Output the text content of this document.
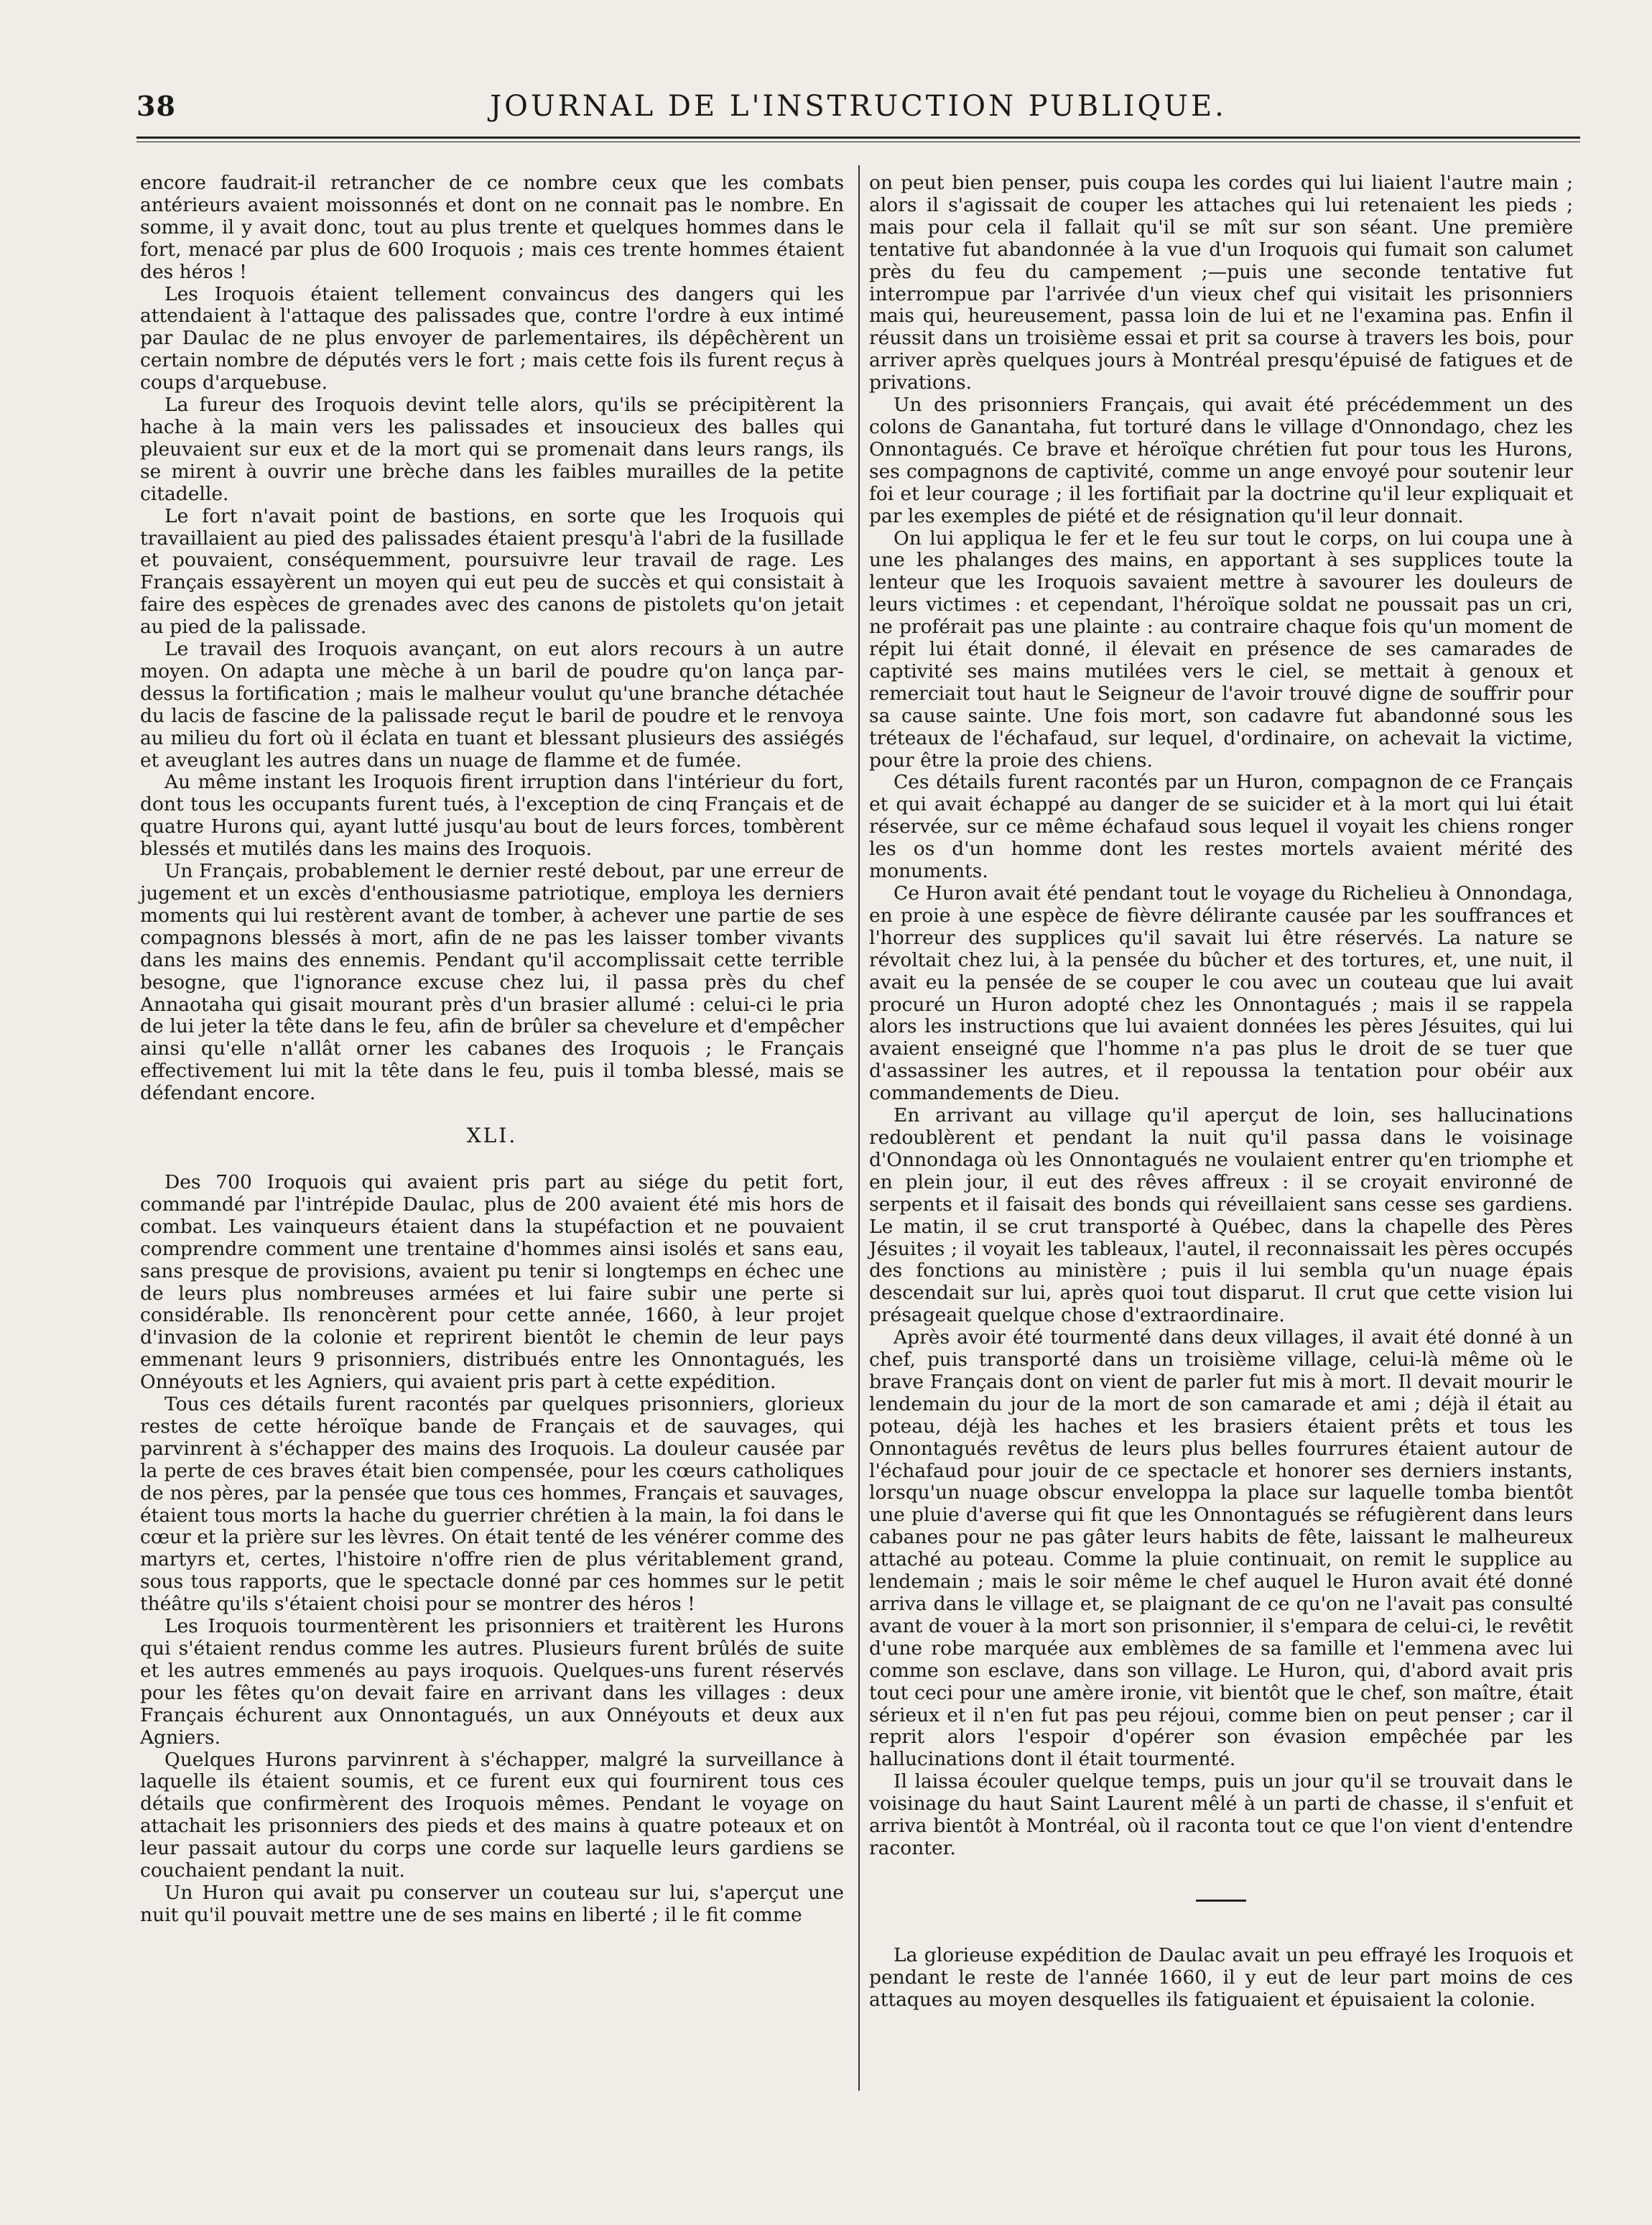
38	JOURNAL DE L'INSTRUCTION PUBLIQUE.

encore faudrait-il retrancher de ce nombre ceux que les combats antérieurs avaient moissonnés et dont on ne connait pas le nombre. En somme, il y avait donc, tout au plus trente et quelques hommes dans le fort, menacé par plus de 600 Iroquois ; mais ces trente hommes étaient des héros !

Les Iroquois étaient tellement convaincus des dangers qui les attendaient à l'attaque des palissades que, contre l'ordre à eux intimé par Daulac de ne plus envoyer de parlementaires, ils dépêchèrent un certain nombre de députés vers le fort ; mais cette fois ils furent reçus à coups d'arquebuse.

La fureur des Iroquois devint telle alors, qu'ils se précipitèrent la hache à la main vers les palissades et insoucieux des balles qui pleuvaient sur eux et de la mort qui se promenait dans leurs rangs, ils se mirent à ouvrir une brèche dans les faibles murailles de la petite citadelle.

Le fort n'avait point de bastions, en sorte que les Iroquois qui travaillaient au pied des palissades étaient presqu'à l'abri de la fusillade et pouvaient, conséquemment, poursuivre leur travail de rage. Les Français essayèrent un moyen qui eut peu de succès et qui consistait à faire des espèces de grenades avec des canons de pistolets qu'on jetait au pied de la palissade.

Le travail des Iroquois avançant, on eut alors recours à un autre moyen. On adapta une mèche à un baril de poudre qu'on lança par-dessus la fortification ; mais le malheur voulut qu'une branche détachée du lacis de fascine de la palissade reçut le baril de poudre et le renvoya au milieu du fort où il éclata en tuant et blessant plusieurs des assiégés et aveuglant les autres dans un nuage de flamme et de fumée.

Au même instant les Iroquois firent irruption dans l'intérieur du fort, dont tous les occupants furent tués, à l'exception de cinq Français et de quatre Hurons qui, ayant lutté jusqu'au bout de leurs forces, tombèrent blessés et mutilés dans les mains des Iroquois.

Un Français, probablement le dernier resté debout, par une erreur de jugement et un excès d'enthousiasme patriotique, employa les derniers moments qui lui restèrent avant de tomber, à achever une partie de ses compagnons blessés à mort, afin de ne pas les laisser tomber vivants dans les mains des ennemis. Pendant qu'il accomplissait cette terrible besogne, que l'ignorance excuse chez lui, il passa près du chef Annaotaha qui gisait mourant près d'un brasier allumé : celui-ci le pria de lui jeter la tête dans le feu, afin de brûler sa chevelure et d'empêcher ainsi qu'elle n'allât orner les cabanes des Iroquois ; le Français effectivement lui mit la tête dans le feu, puis il tomba blessé, mais se défendant encore.

XLI.

Des 700 Iroquois qui avaient pris part au siége du petit fort, commandé par l'intrépide Daulac, plus de 200 avaient été mis hors de combat. Les vainqueurs étaient dans la stupéfaction et ne pouvaient comprendre comment une trentaine d'hommes ainsi isolés et sans eau, sans presque de provisions, avaient pu tenir si longtemps en échec une de leurs plus nombreuses armées et lui faire subir une perte si considérable. Ils renoncèrent pour cette année, 1660, à leur projet d'invasion de la colonie et reprirent bientôt le chemin de leur pays emmenant leurs 9 prisonniers, distribués entre les Onnontagués, les Onnéyouts et les Agniers, qui avaient pris part à cette expédition.

Tous ces détails furent racontés par quelques prisonniers, glorieux restes de cette héroïque bande de Français et de sauvages, qui parvinrent à s'échapper des mains des Iroquois. La douleur causée par la perte de ces braves était bien compensée, pour les cœurs catholiques de nos pères, par la pensée que tous ces hommes, Français et sauvages, étaient tous morts la hache du guerrier chrétien à la main, la foi dans le cœur et la prière sur les lèvres. On était tenté de les vénérer comme des martyrs et, certes, l'histoire n'offre rien de plus véritablement grand, sous tous rapports, que le spectacle donné par ces hommes sur le petit théâtre qu'ils s'étaient choisi pour se montrer des héros !

Les Iroquois tourmentèrent les prisonniers et traitèrent les Hurons qui s'étaient rendus comme les autres. Plusieurs furent brûlés de suite et les autres emmenés au pays iroquois. Quelques-uns furent réservés pour les fêtes qu'on devait faire en arrivant dans les villages : deux Français échurent aux Onnontagués, un aux Onnéyouts et deux aux Agniers.

Quelques Hurons parvinrent à s'échapper, malgré la surveillance à laquelle ils étaient soumis, et ce furent eux qui fournirent tous ces détails que confirmèrent des Iroquois mêmes. Pendant le voyage on attachait les prisonniers des pieds et des mains à quatre poteaux et on leur passait autour du corps une corde sur laquelle leurs gardiens se couchaient pendant la nuit.

Un Huron qui avait pu conserver un couteau sur lui, s'aperçut une nuit qu'il pouvait mettre une de ses mains en liberté ; il le fit comme

on peut bien penser, puis coupa les cordes qui lui liaient l'autre main ; alors il s'agissait de couper les attaches qui lui retenaient les pieds ; mais pour cela il fallait qu'il se mît sur son séant. Une première tentative fut abandonnée à la vue d'un Iroquois qui fumait son calumet près du feu du campement ;—puis une seconde tentative fut interrompue par l'arrivée d'un vieux chef qui visitait les prisonniers mais qui, heureusement, passa loin de lui et ne l'examina pas. Enfin il réussit dans un troisième essai et prit sa course à travers les bois, pour arriver après quelques jours à Montréal presqu'épuisé de fatigues et de privations.

Un des prisonniers Français, qui avait été précédemment un des colons de Ganantaha, fut torturé dans le village d'Onnondago, chez les Onnontagués. Ce brave et héroïque chrétien fut pour tous les Hurons, ses compagnons de captivité, comme un ange envoyé pour soutenir leur foi et leur courage ; il les fortifiait par la doctrine qu'il leur expliquait et par les exemples de piété et de résignation qu'il leur donnait.

On lui appliqua le fer et le feu sur tout le corps, on lui coupa une à une les phalanges des mains, en apportant à ses supplices toute la lenteur que les Iroquois savaient mettre à savourer les douleurs de leurs victimes : et cependant, l'héroïque soldat ne poussait pas un cri, ne proférait pas une plainte : au contraire chaque fois qu'un moment de répit lui était donné, il élevait en présence de ses camarades de captivité ses mains mutilées vers le ciel, se mettait à genoux et remerciait tout haut le Seigneur de l'avoir trouvé digne de souffrir pour sa cause sainte. Une fois mort, son cadavre fut abandonné sous les tréteaux de l'échafaud, sur lequel, d'ordinaire, on achevait la victime, pour être la proie des chiens.

Ces détails furent racontés par un Huron, compagnon de ce Français et qui avait échappé au danger de se suicider et à la mort qui lui était réservée, sur ce même échafaud sous lequel il voyait les chiens ronger les os d'un homme dont les restes mortels avaient mérité des monuments.

Ce Huron avait été pendant tout le voyage du Richelieu à Onnondaga, en proie à une espèce de fièvre délirante causée par les souffrances et l'horreur des supplices qu'il savait lui être réservés. La nature se révoltait chez lui, à la pensée du bûcher et des tortures, et, une nuit, il avait eu la pensée de se couper le cou avec un couteau que lui avait procuré un Huron adopté chez les Onnontagués ; mais il se rappela alors les instructions que lui avaient données les pères Jésuites, qui lui avaient enseigné que l'homme n'a pas plus le droit de se tuer que d'assassiner les autres, et il repoussa la tentation pour obéir aux commandements de Dieu.

En arrivant au village qu'il aperçut de loin, ses hallucinations redoublèrent et pendant la nuit qu'il passa dans le voisinage d'Onnondaga où les Onnontagués ne voulaient entrer qu'en triomphe et en plein jour, il eut des rêves affreux : il se croyait environné de serpents et il faisait des bonds qui réveillaient sans cesse ses gardiens. Le matin, il se crut transporté à Québec, dans la chapelle des Pères Jésuites ; il voyait les tableaux, l'autel, il reconnaissait les pères occupés des fonctions au ministère ; puis il lui sembla qu'un nuage épais descendait sur lui, après quoi tout disparut. Il crut que cette vision lui présageait quelque chose d'extraordinaire.

Après avoir été tourmenté dans deux villages, il avait été donné à un chef, puis transporté dans un troisième village, celui-là même où le brave Français dont on vient de parler fut mis à mort. Il devait mourir le lendemain du jour de la mort de son camarade et ami ; déjà il était au poteau, déjà les haches et les brasiers étaient prêts et tous les Onnontagués revêtus de leurs plus belles fourrures étaient autour de l'échafaud pour jouir de ce spectacle et honorer ses derniers instants, lorsqu'un nuage obscur enveloppa la place sur laquelle tomba bientôt une pluie d'averse qui fit que les Onnontagués se réfugièrent dans leurs cabanes pour ne pas gâter leurs habits de fête, laissant le malheureux attaché au poteau. Comme la pluie continuait, on remit le supplice au lendemain ; mais le soir même le chef auquel le Huron avait été donné arriva dans le village et, se plaignant de ce qu'on ne l'avait pas consulté avant de vouer à la mort son prisonnier, il s'empara de celui-ci, le revêtit d'une robe marquée aux emblèmes de sa famille et l'emmena avec lui comme son esclave, dans son village. Le Huron, qui, d'abord avait pris tout ceci pour une amère ironie, vit bientôt que le chef, son maître, était sérieux et il n'en fut pas peu réjoui, comme bien on peut penser ; car il reprit alors l'espoir d'opérer son évasion empêchée par les hallucinations dont il était tourmenté.

Il laissa écouler quelque temps, puis un jour qu'il se trouvait dans le voisinage du haut Saint Laurent mêlé à un parti de chasse, il s'enfuit et arriva bientôt à Montréal, où il raconta tout ce que l'on vient d'entendre raconter.

La glorieuse expédition de Daulac avait un peu effrayé les Iroquois et pendant le reste de l'année 1660, il y eut de leur part moins de ces attaques au moyen desquelles ils fatiguaient et épuisaient la colonie.
